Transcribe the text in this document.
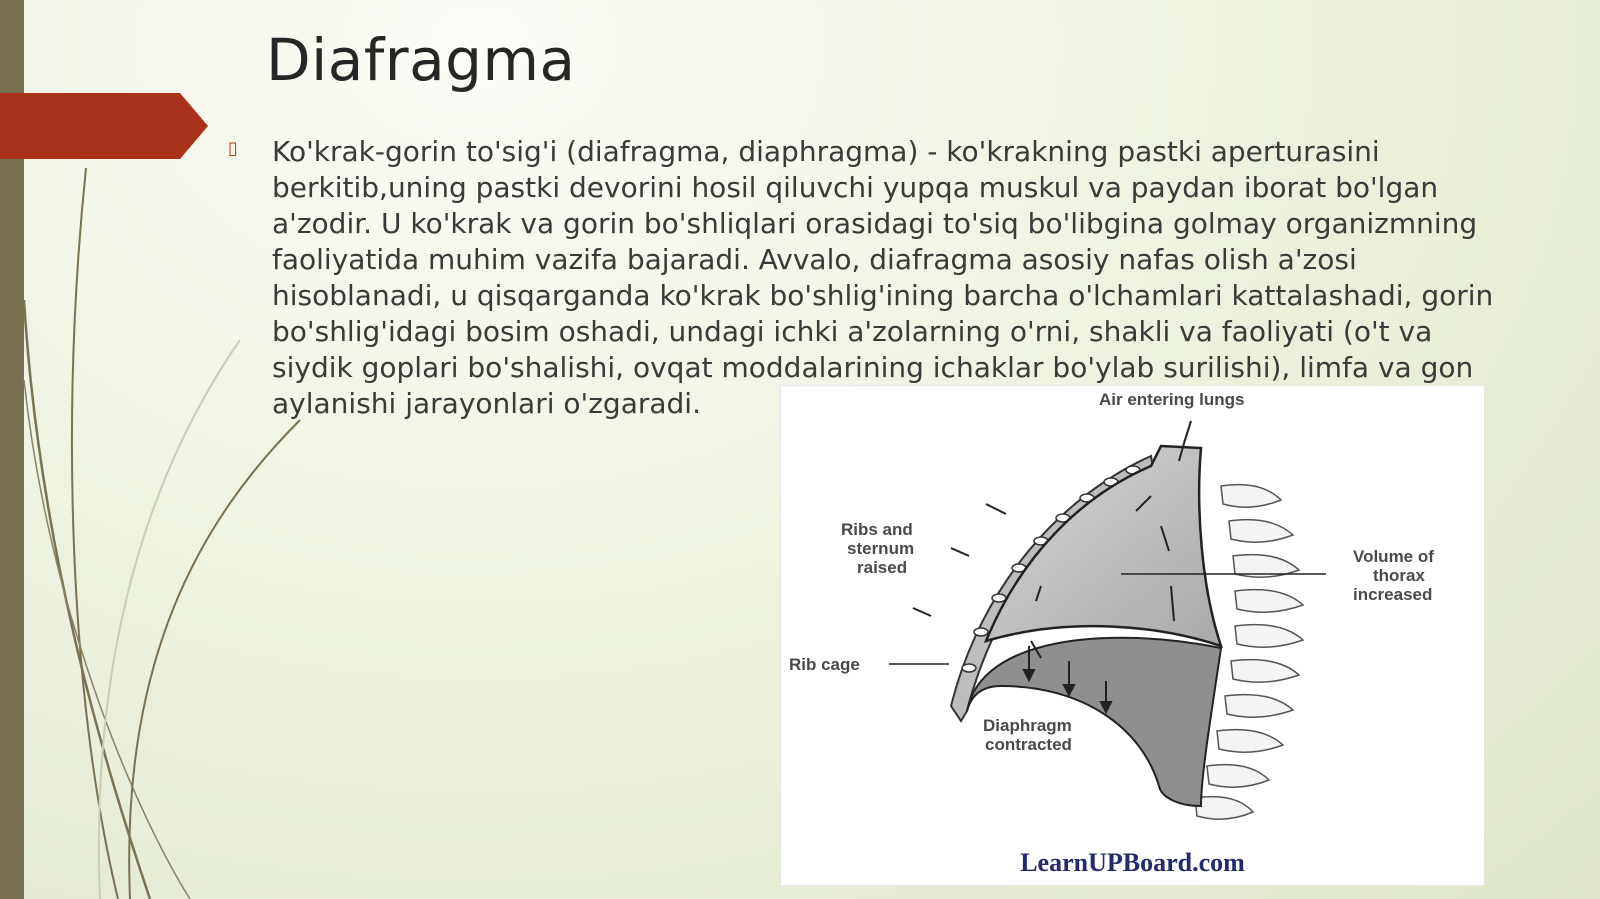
Diafragma
▯ Ko'krak-gorin to'sig'i (diafragma, diaphragma) - ko'krakning pastki aperturasini berkitib,uning pastki devorini hosil qiluvchi yupqa muskul va paydan iborat bo'lgan a'zodir. U ko'krak va gorin bo'shliqlari orasidagi to'siq bo'libgina golmay organizmning faoliyatida muhim vazifa bajaradi. Avvalo, diafragma asosiy nafas olish a'zosi hisoblanadi, u qisqarganda ko'krak bo'shlig'ining barcha o'lchamlari kattalashadi, gorin bo'shlig'idagi bosim oshadi, undagi ichki a'zolarning o'rni, shakli va faoliyati (o't va siydik goplari bo'shalishi, ovqat moddalarining ichaklar bo'ylab surilishi), limfa va gon aylanishi jarayonlari o'zgaradi.	Air entering lungs
Ribs and
sternum
raised
Volume of
thorax
increased
Rib cage
Diaphragm
contracted
LearnUPBoard.com
